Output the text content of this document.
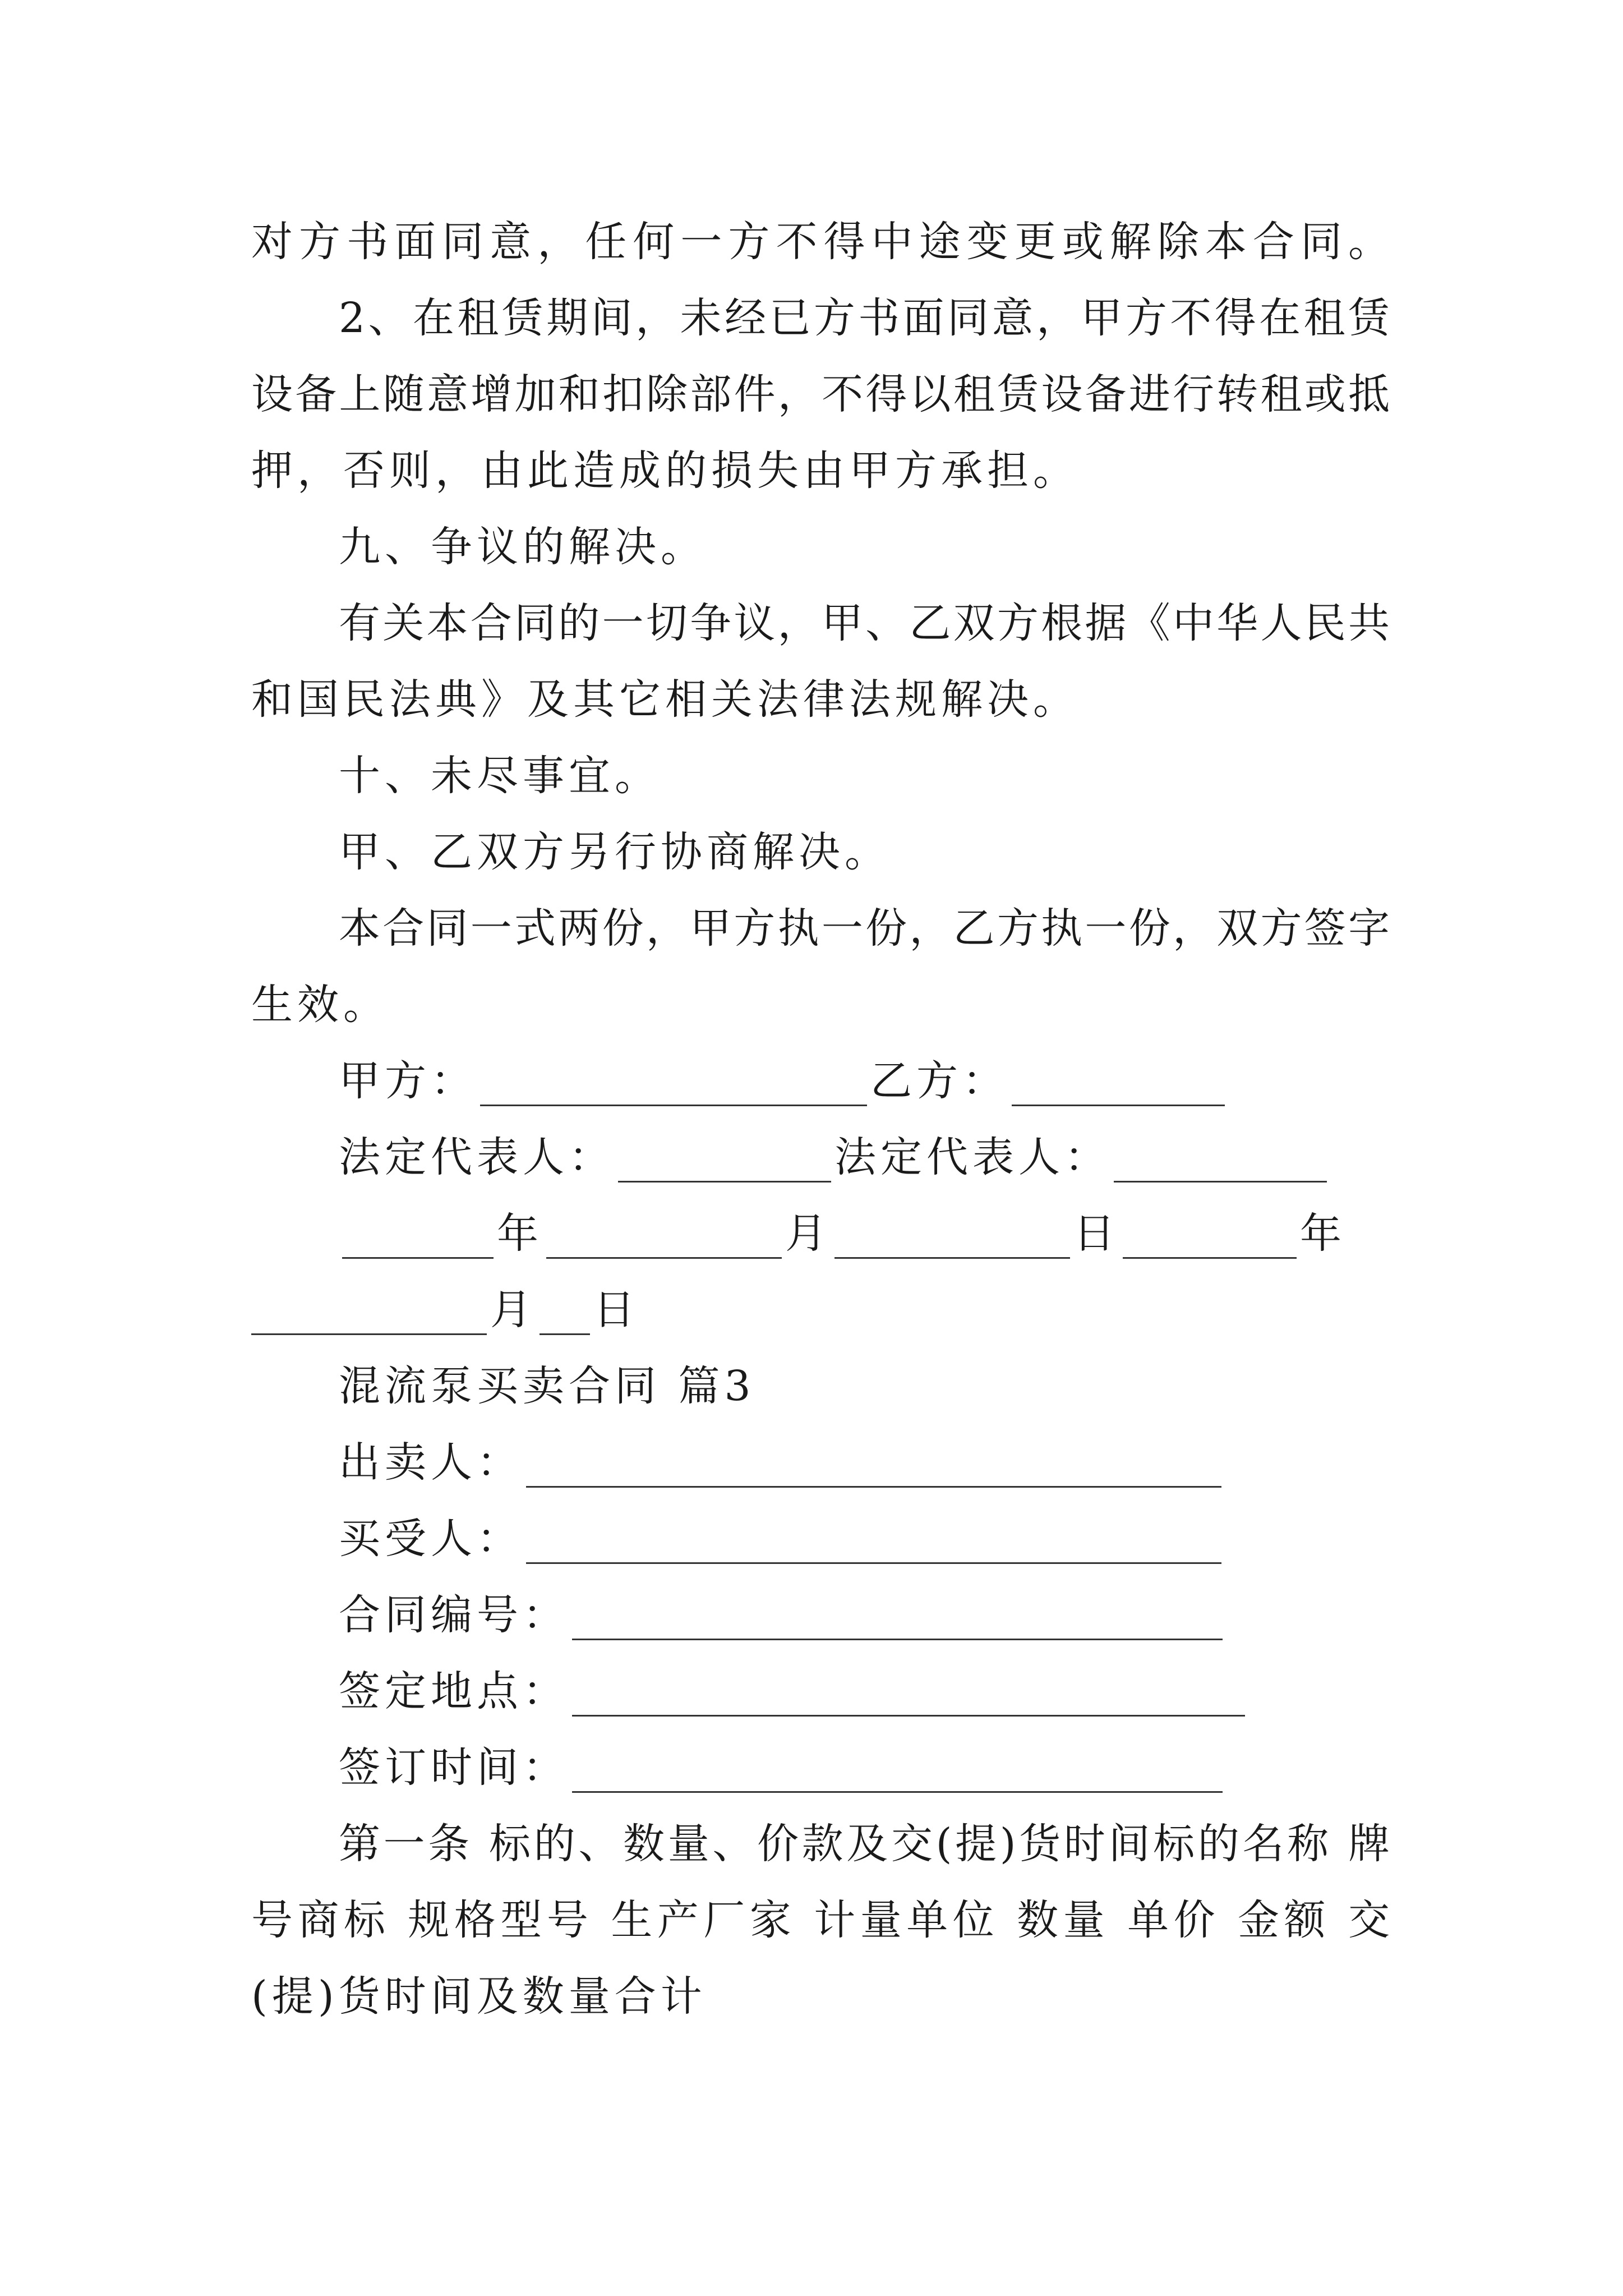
对方书面同意，任何一方不得中途变更或解除本合同。
2、在租赁期间，未经已方书面同意，甲方不得在租赁
设备上随意增加和扣除部件，不得以租赁设备进行转租或抵
押，否则，由此造成的损失由甲方承担。
九、争议的解决。
有关本合同的一切争议，甲、乙双方根据《中华人民共
和国民法典》及其它相关法律法规解决。
十、未尽事宜。
甲、乙双方另行协商解决。
本合同一式两份，甲方执一份，乙方执一份，双方签字
生效。
甲方：	乙方：
法定代表人：	法定代表人：
年	月	日	年
月 日
混流泵买卖合同 篇3
出卖人：
买受人：
合同编号：
签定地点：
签订时间：
第一条 标的、数量、价款及交(提)货时间标的名称 牌
号商标 规格型号 生产厂家 计量单位 数量 单价 金额 交
(提)货时间及数量合计
